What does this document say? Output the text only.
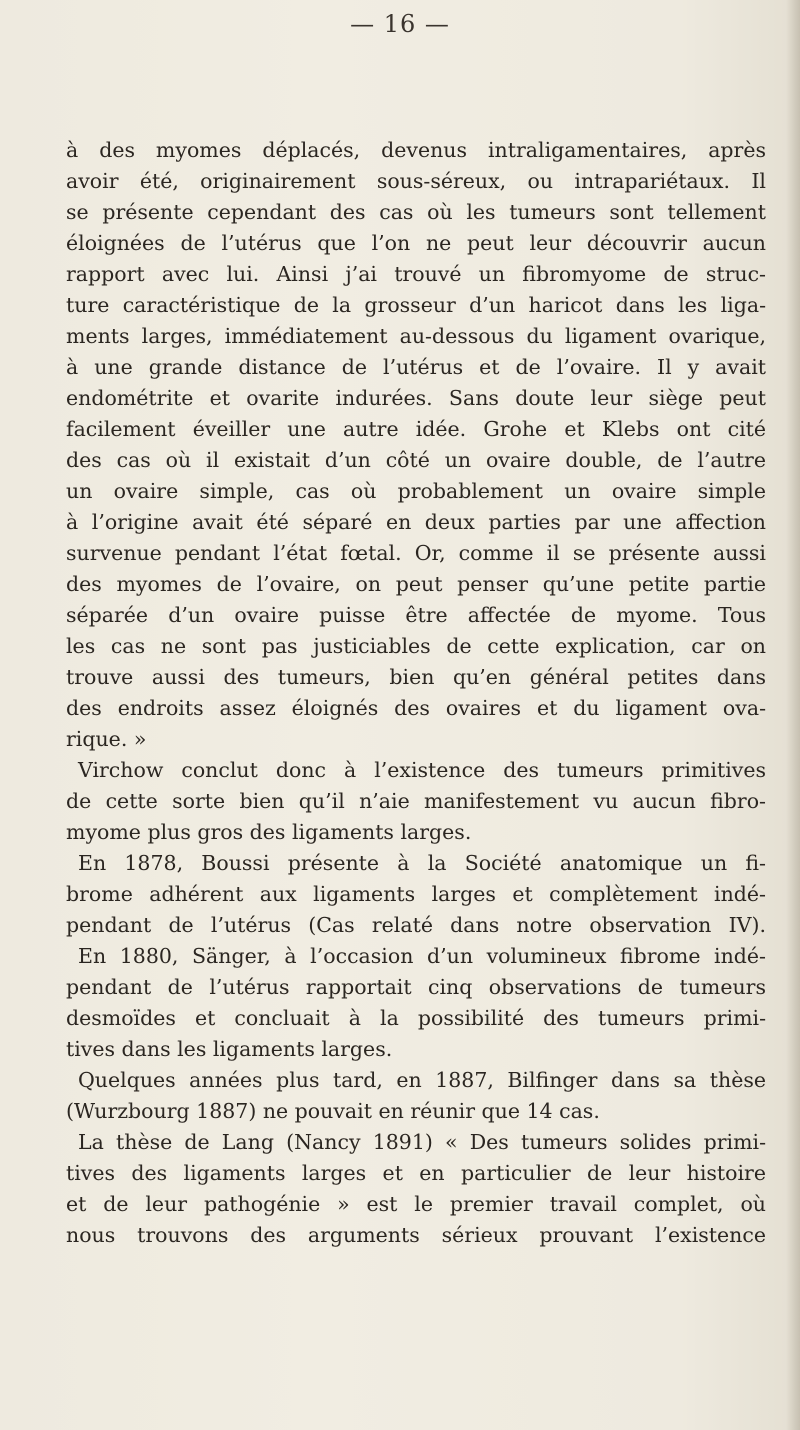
— 16 —
à des myomes déplacés, devenus intraligamentaires, après
avoir été, originairement sous-séreux, ou intrapariétaux. Il
se présente cependant des cas où les tumeurs sont tellement
éloignées de l’utérus que l’on ne peut leur découvrir aucun
rapport avec lui. Ainsi j’ai trouvé un fibromyome de struc-
ture caractéristique de la grosseur d’un haricot dans les liga-
ments larges, immédiatement au-dessous du ligament ovarique,
à une grande distance de l’utérus et de l’ovaire. Il y avait
endométrite et ovarite indurées. Sans doute leur siège peut
facilement éveiller une autre idée. Grohe et Klebs ont cité
des cas où il existait d’un côté un ovaire double, de l’autre
un ovaire simple, cas où probablement un ovaire simple
à l’origine avait été séparé en deux parties par une affection
survenue pendant l’état fœtal. Or, comme il se présente aussi
des myomes de l’ovaire, on peut penser qu’une petite partie
séparée d’un ovaire puisse être affectée de myome. Tous
les cas ne sont pas justiciables de cette explication, car on
trouve aussi des tumeurs, bien qu’en général petites dans
des endroits assez éloignés des ovaires et du ligament ova-
rique. »
Virchow conclut donc à l’existence des tumeurs primitives
de cette sorte bien qu’il n’aie manifestement vu aucun fibro-
myome plus gros des ligaments larges.
En 1878, Boussi présente à la Société anatomique un fi-
brome adhérent aux ligaments larges et complètement indé-
pendant de l’utérus (Cas relaté dans notre observation IV).
En 1880, Sänger, à l’occasion d’un volumineux fibrome indé-
pendant de l’utérus rapportait cinq observations de tumeurs
desmoïdes et concluait à la possibilité des tumeurs primi-
tives dans les ligaments larges.
Quelques années plus tard, en 1887, Bilfinger dans sa thèse
(Wurzbourg 1887) ne pouvait en réunir que 14 cas.
La thèse de Lang (Nancy 1891) « Des tumeurs solides primi-
tives des ligaments larges et en particulier de leur histoire
et de leur pathogénie » est le premier travail complet, où
nous trouvons des arguments sérieux prouvant l’existence
